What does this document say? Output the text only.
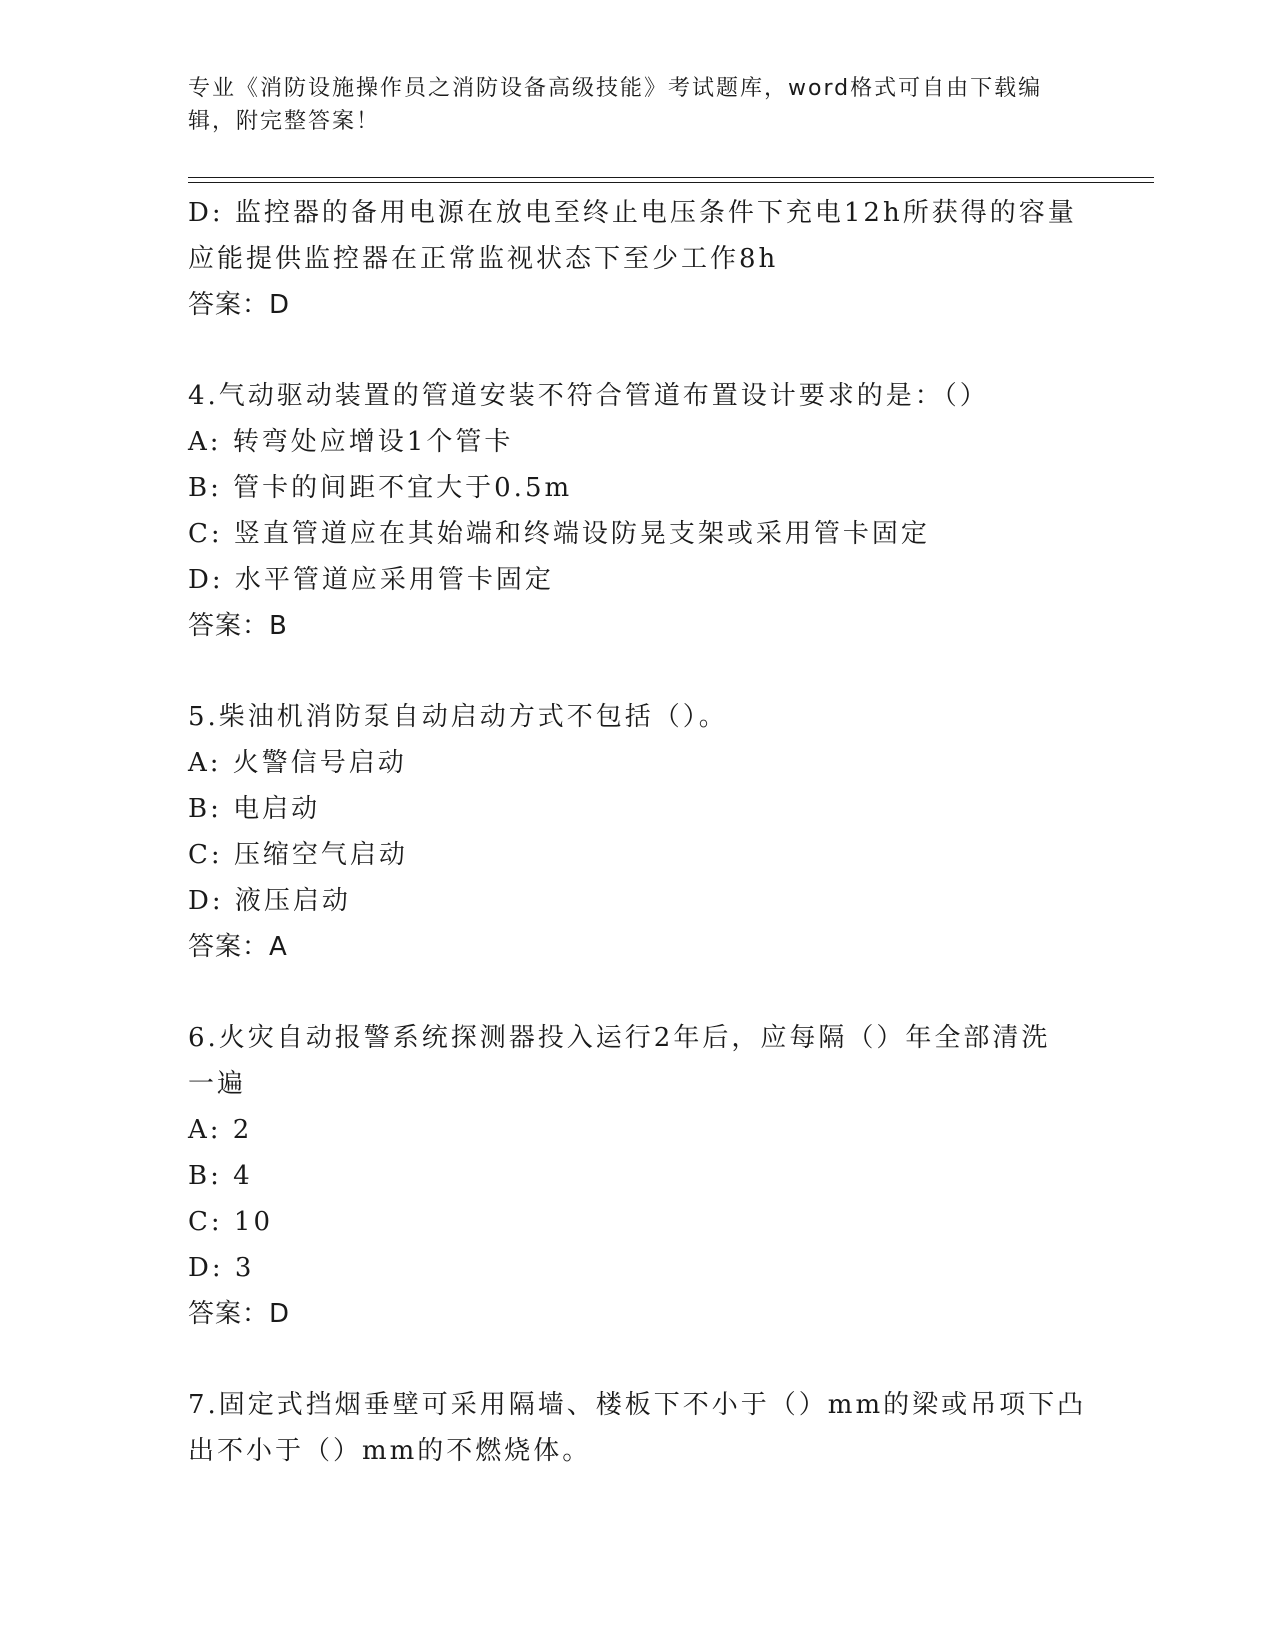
专业《消防设施操作员之消防设备高级技能》考试题库，word格式可自由下载编
辑，附完整答案！
D: 监控器的备用电源在放电至终止电压条件下充电12h所获得的容量
应能提供监控器在正常监视状态下至少工作8h
答案：D
4.气动驱动装置的管道安装不符合管道布置设计要求的是：（）
A: 转弯处应增设1个管卡
B: 管卡的间距不宜大于0.5m
C: 竖直管道应在其始端和终端设防晃支架或采用管卡固定
D: 水平管道应采用管卡固定
答案：B
5.柴油机消防泵自动启动方式不包括（）。
A: 火警信号启动
B: 电启动
C: 压缩空气启动
D: 液压启动
答案：A
6.火灾自动报警系统探测器投入运行2年后，应每隔（）年全部清洗
一遍
A: 2
B: 4
C: 10
D: 3
答案：D
7.固定式挡烟垂壁可采用隔墙、楼板下不小于（）mm的梁或吊项下凸
出不小于（）mm的不燃烧体。
